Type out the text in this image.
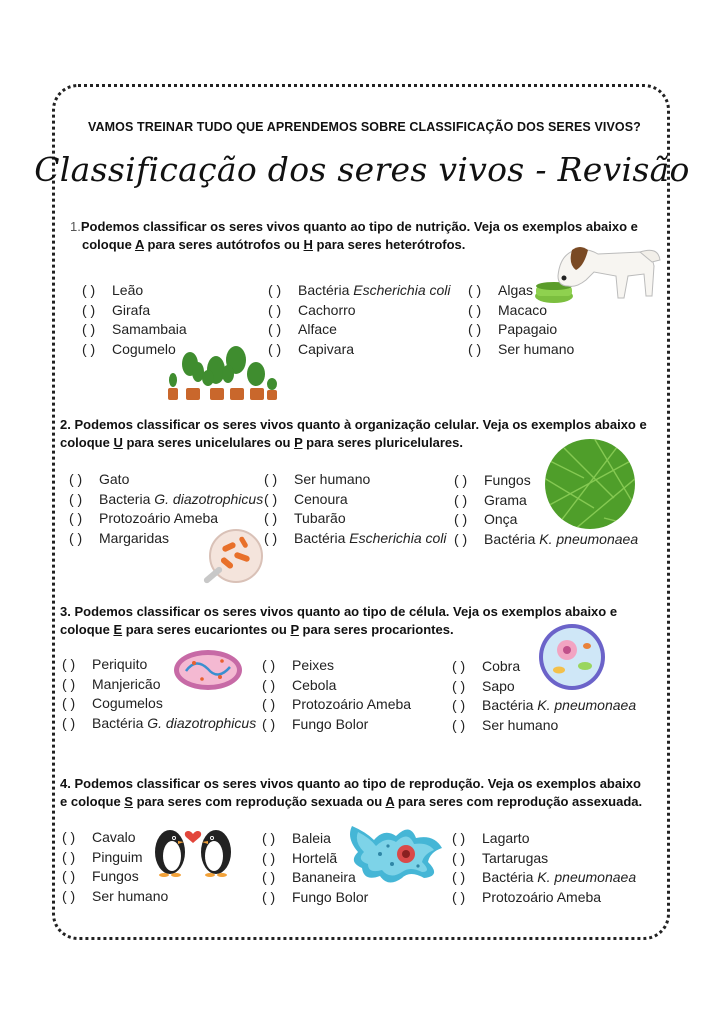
VAMOS TREINAR TUDO QUE APRENDEMOS SOBRE CLASSIFICAÇÃO DOS SERES VIVOS?
Classificação dos seres vivos - Revisão
1.Podemos classificar os seres vivos quanto ao tipo de nutrição. Veja os exemplos abaixo e
coloque A para seres autótrofos ou H para seres heterótrofos.
( ) Leão
( ) Girafa
( ) Samambaia
( ) Cogumelo
( ) Bactéria Escherichia coli
( ) Cachorro
( ) Alface
( ) Capivara
( ) Algas
( ) Macaco
( ) Papagaio
( ) Ser humano
2. Podemos classificar os seres vivos quanto à organização celular. Veja os exemplos abaixo e
coloque U para seres unicelulares ou P para seres pluricelulares.
( ) Gato
( ) Bacteria G. diazotrophicus
( ) Protozoário Ameba
( ) Margaridas
( ) Ser humano
( ) Cenoura
( ) Tubarão
( ) Bactéria Escherichia coli
( ) Fungos
( ) Grama
( ) Onça
( ) Bactéria K. pneumonaea
3. Podemos classificar os seres vivos quanto ao tipo de célula. Veja os exemplos abaixo e
coloque E para seres eucariontes ou P para seres procariontes.
( ) Periquito
( ) Manjericão
( ) Cogumelos
( ) Bactéria G. diazotrophicus
( ) Peixes
( ) Cebola
( ) Protozoário Ameba
( ) Fungo Bolor
( ) Cobra
( ) Sapo
( ) Bactéria K. pneumonaea
( ) Ser humano
4. Podemos classificar os seres vivos quanto ao tipo de reprodução. Veja os exemplos abaixo
e coloque S para seres com reprodução sexuada ou A para seres com reprodução assexuada.
( ) Cavalo
( ) Pinguim
( ) Fungos
( ) Ser humano
( ) Baleia
( ) Hortelã
( ) Bananeira
( ) Fungo Bolor
( ) Lagarto
( ) Tartarugas
( ) Bactéria K. pneumonaea
( ) Protozoário Ameba
